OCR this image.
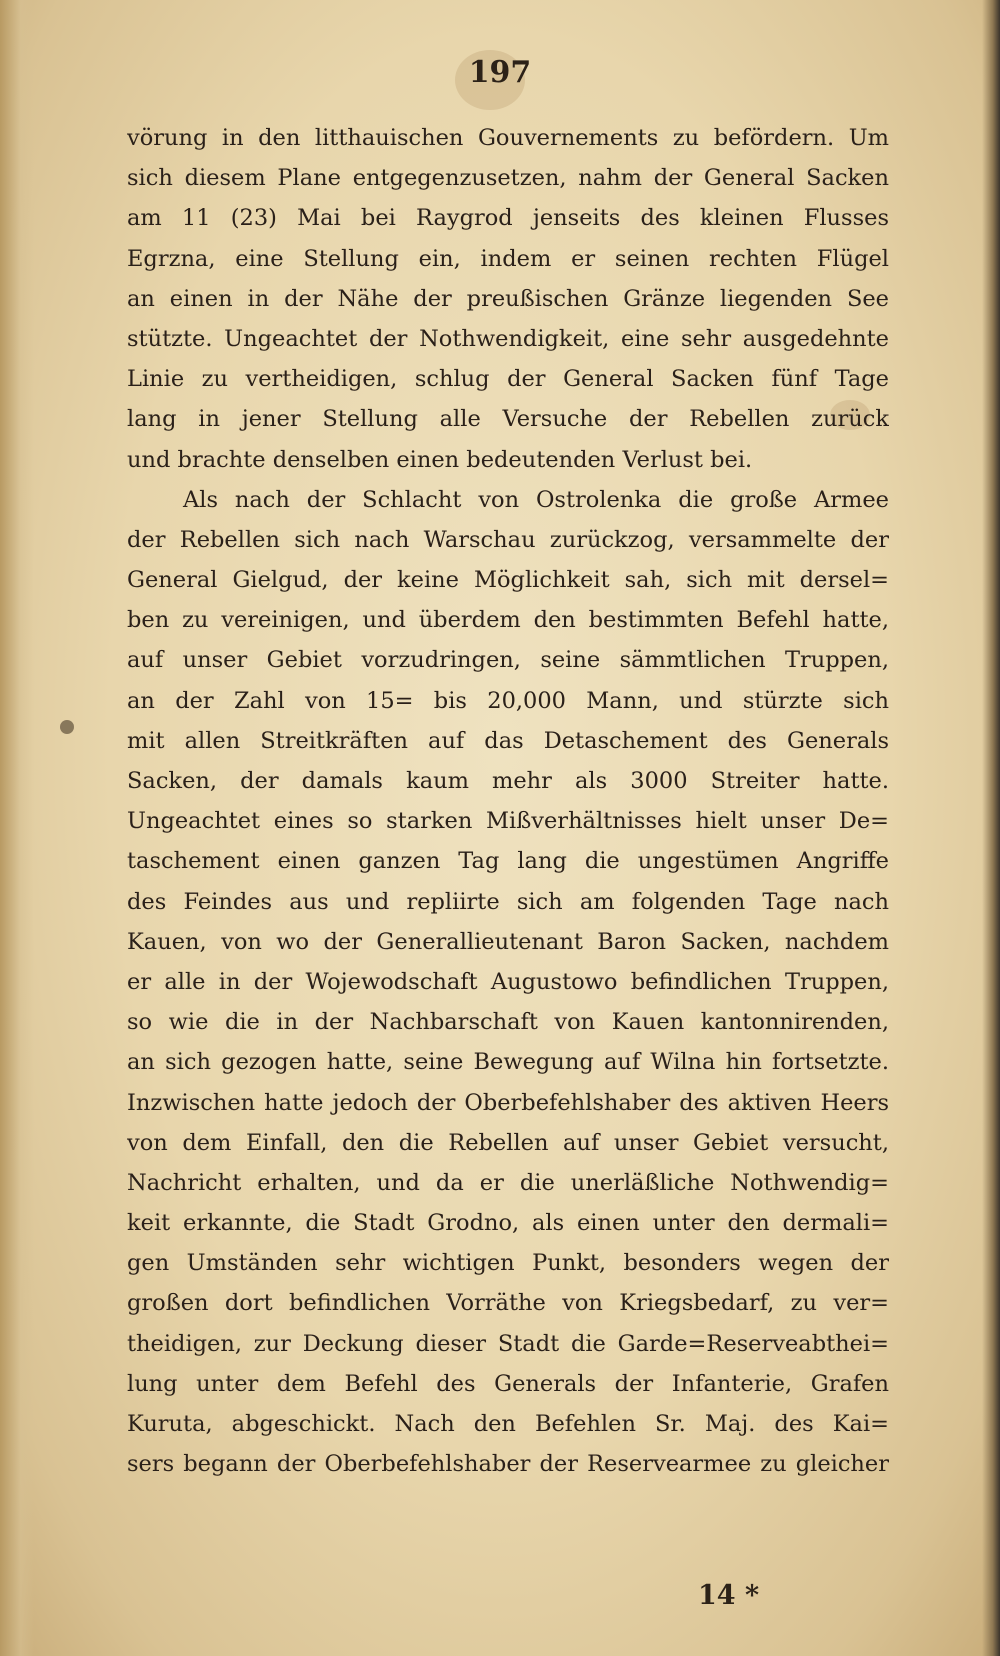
197
vörung in den litthauischen Gouvernements zu befördern. Um
sich diesem Plane entgegenzusetzen, nahm der General Sacken
am 11 (23) Mai bei Raygrod jenseits des kleinen Flusses
Egrzna, eine Stellung ein, indem er seinen rechten Flügel
an einen in der Nähe der preußischen Gränze liegenden See
stützte. Ungeachtet der Nothwendigkeit, eine sehr ausgedehnte
Linie zu vertheidigen, schlug der General Sacken fünf Tage
lang in jener Stellung alle Versuche der Rebellen zurück
und brachte denselben einen bedeutenden Verlust bei.
Als nach der Schlacht von Ostrolenka die große Armee
der Rebellen sich nach Warschau zurückzog, versammelte der
General Gielgud, der keine Möglichkeit sah, sich mit dersel=
ben zu vereinigen, und überdem den bestimmten Befehl hatte,
auf unser Gebiet vorzudringen, seine sämmtlichen Truppen,
an der Zahl von 15= bis 20,000 Mann, und stürzte sich
mit allen Streitkräften auf das Detaschement des Generals
Sacken, der damals kaum mehr als 3000 Streiter hatte.
Ungeachtet eines so starken Mißverhältnisses hielt unser De=
taschement einen ganzen Tag lang die ungestümen Angriffe
des Feindes aus und repliirte sich am folgenden Tage nach
Kauen, von wo der Generallieutenant Baron Sacken, nachdem
er alle in der Wojewodschaft Augustowo befindlichen Truppen,
so wie die in der Nachbarschaft von Kauen kantonnirenden,
an sich gezogen hatte, seine Bewegung auf Wilna hin fortsetzte.
Inzwischen hatte jedoch der Oberbefehlshaber des aktiven Heers
von dem Einfall, den die Rebellen auf unser Gebiet versucht,
Nachricht erhalten, und da er die unerläßliche Nothwendig=
keit erkannte, die Stadt Grodno, als einen unter den dermali=
gen Umständen sehr wichtigen Punkt, besonders wegen der
großen dort befindlichen Vorräthe von Kriegsbedarf, zu ver=
theidigen, zur Deckung dieser Stadt die Garde=Reserveabthei=
lung unter dem Befehl des Generals der Infanterie, Grafen
Kuruta, abgeschickt. Nach den Befehlen Sr. Maj. des Kai=
sers begann der Oberbefehlshaber der Reservearmee zu gleicher
14 *
